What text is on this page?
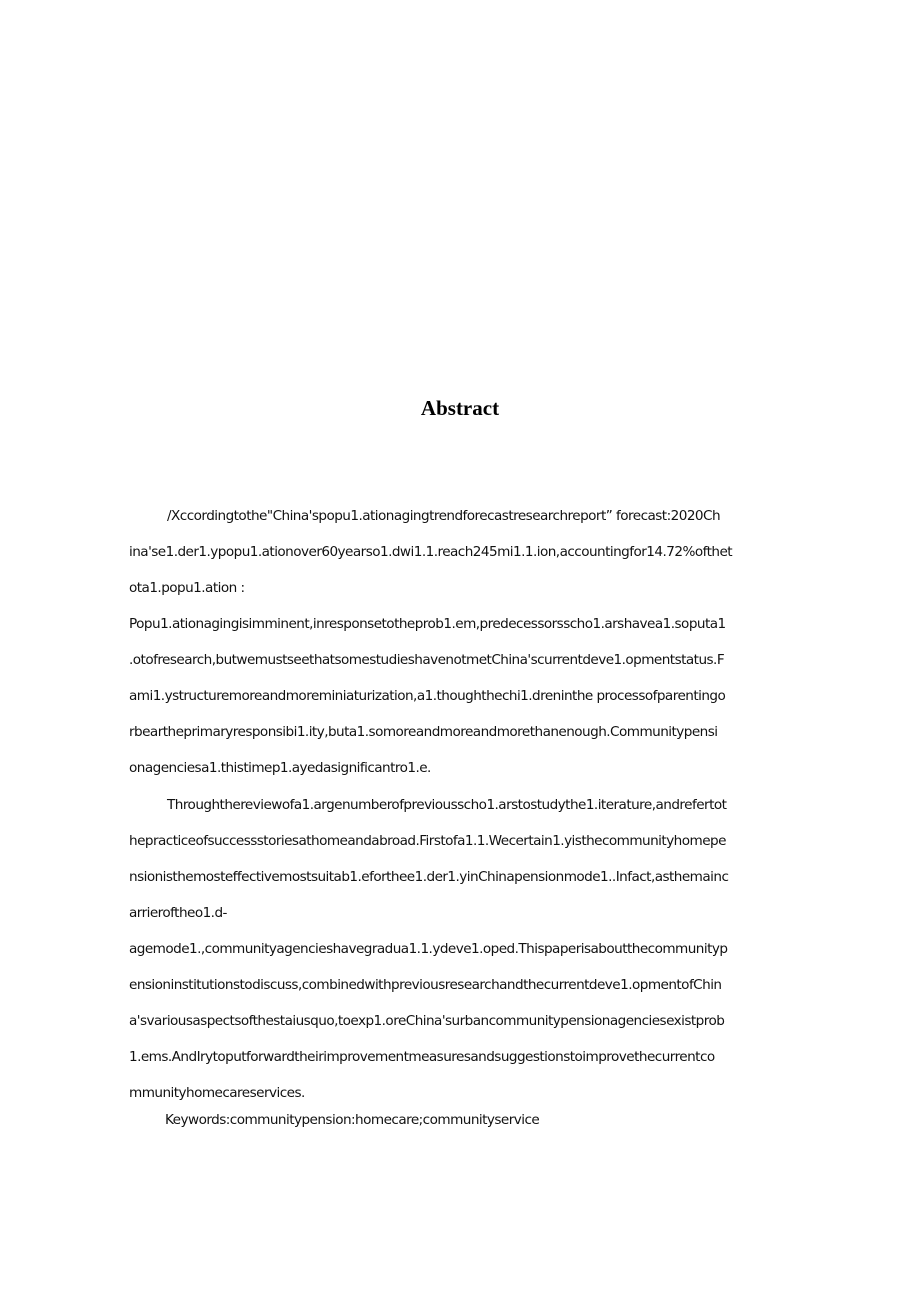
Abstract
/Xccordingtothe"China'spopu1.ationagingtrendforecastresearchreport” forecast:2020Ch
ina'se1.der1.ypopu1.ationover60yearso1.dwi1.1.reach245mi1.1.ion,accountingfor14.72%ofthet
ota1.popu1.ation :
Popu1.ationagingisimminent,inresponsetotheprob1.em,predecessorsscho1.arshavea1.soputa1
.otofresearch,butwemustseethatsomestudieshavenotmetChina'scurrentdeve1.opmentstatus.F
ami1.ystructuremoreandmoreminiaturization,a1.thoughthechi1.dreninthe processofparentingo
rbeartheprimaryresponsibi1.ity,buta1.somoreandmoreandmorethanenough.Communitypensi
onagenciesa1.thistimep1.ayedasignificantro1.e.
Throughthereviewofa1.argenumberofpreviousscho1.arstostudythe1.iterature,andrefertot
hepracticeofsuccessstoriesathomeandabroad.Firstofa1.1.Wecertain1.yisthecommunityhomepe
nsionisthemosteffectivemostsuitab1.eforthee1.der1.yinChinapensionmode1..Infact,asthemainc
arrieroftheo1.d-
agemode1.,communityagencieshavegradua1.1.ydeve1.oped.Thispaperisaboutthecommunityp
ensioninstitutionstodiscuss,combinedwithpreviousresearchandthecurrentdeve1.opmentofChin
a'svariousaspectsofthestaiusquo,toexp1.oreChina'surbancommunitypensionagenciesexistprob
1.ems.AndIrytoputforwardtheirimprovementmeasuresandsuggestionstoimprovethecurrentco
mmunityhomecareservices.
Keywords:communitypension:homecare;communityservice
